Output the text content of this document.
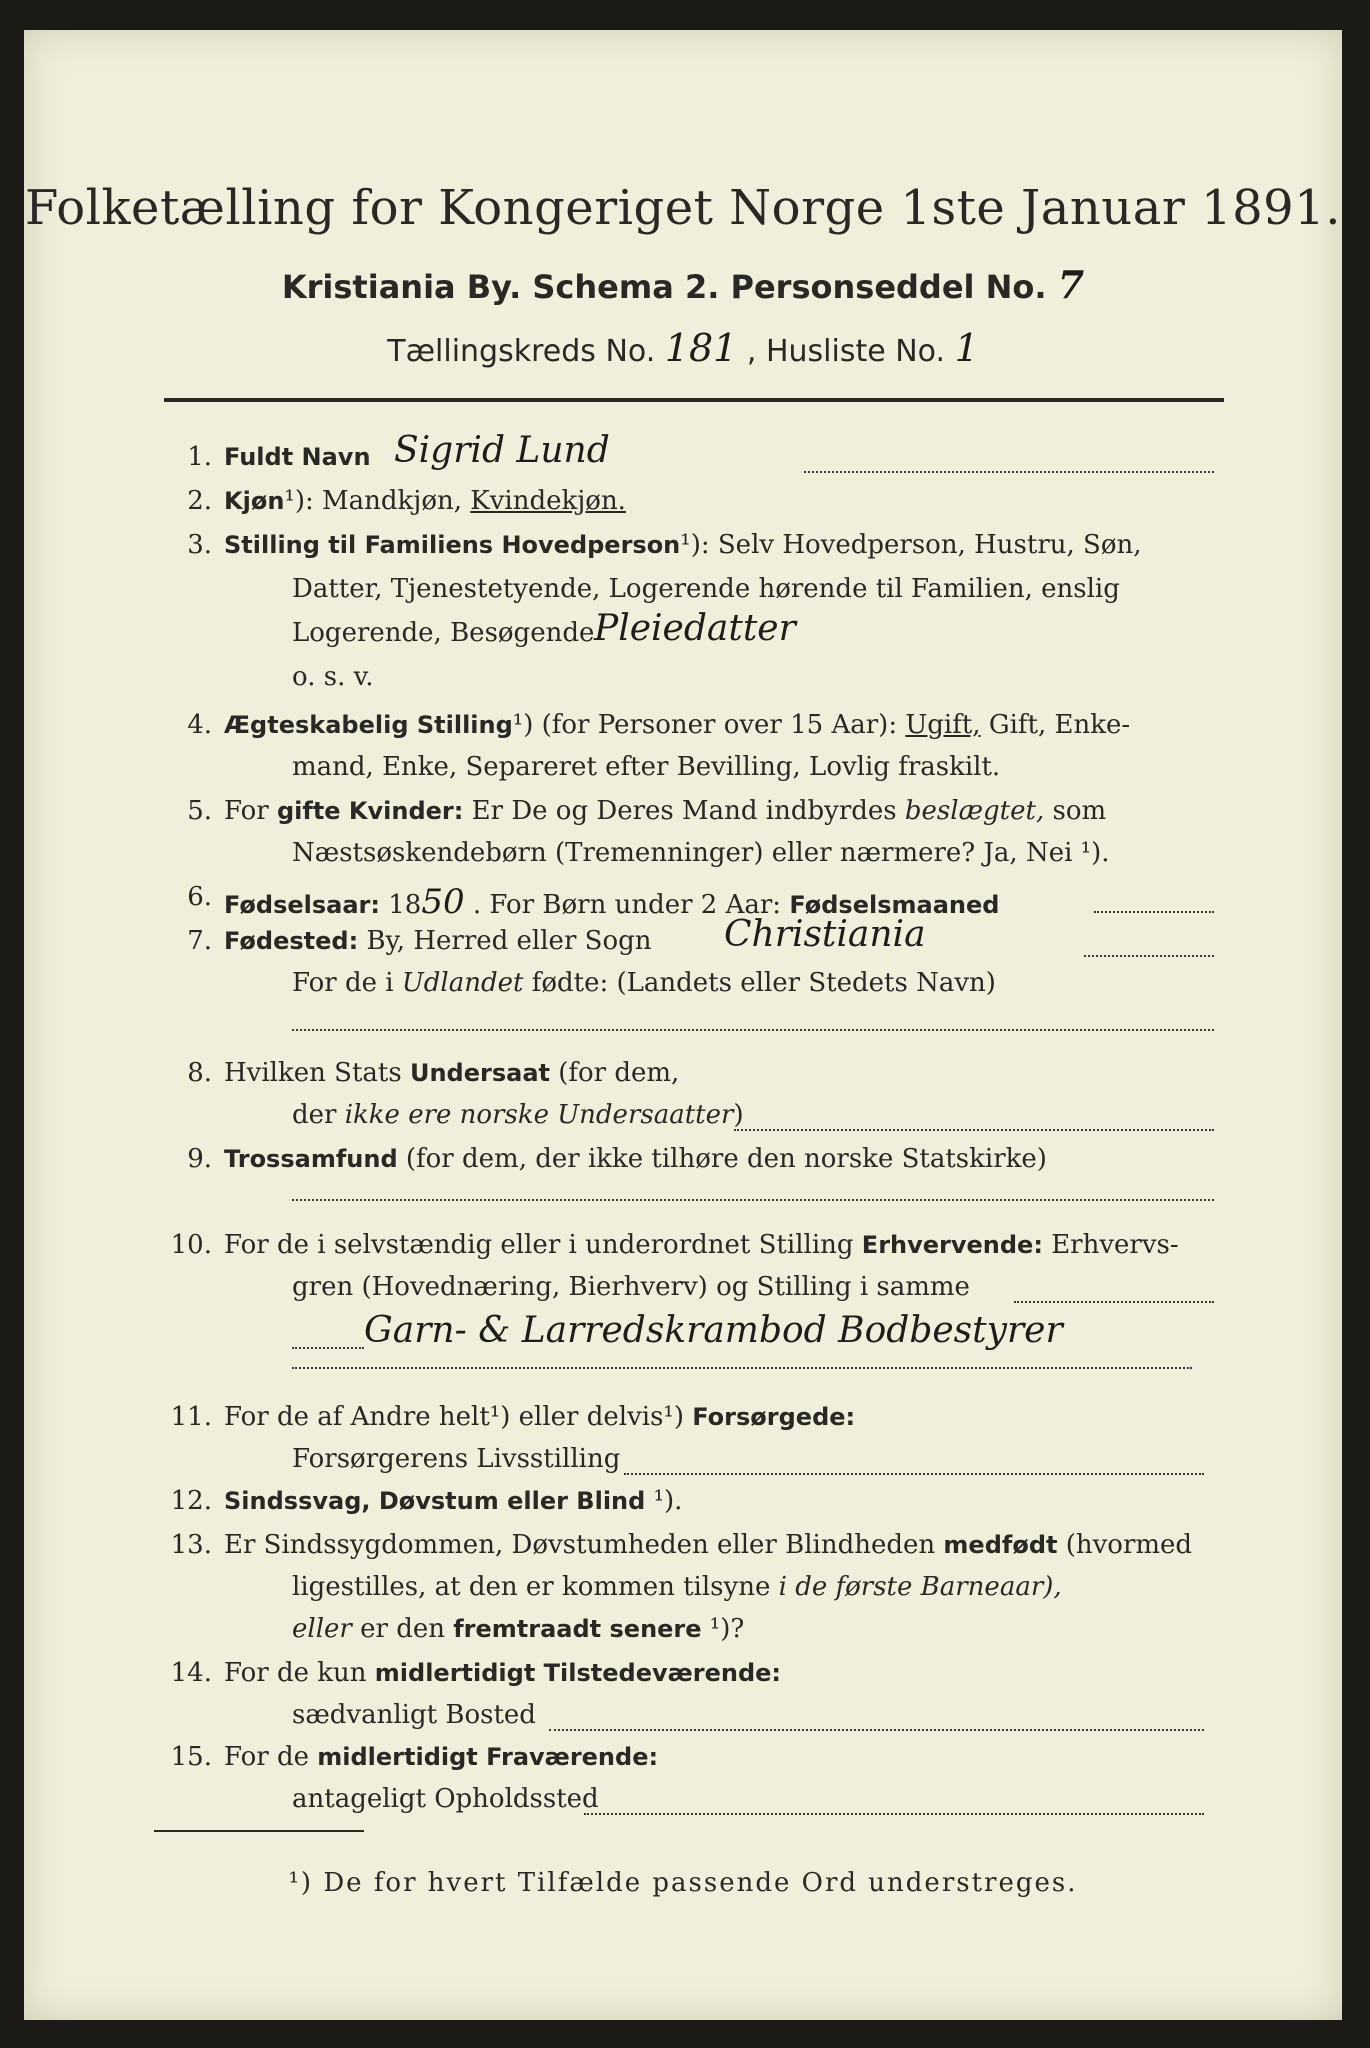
Folketælling for Kongeriget Norge 1ste Januar 1891.
Kristiania By. Schema 2. Personseddel No. 7
Tællingskreds No. 181 , Husliste No. 1
1. Fuldt Navn Sigrid Lund
2. Kjøn¹): Mandkjøn, Kvindekjøn.
3. Stilling til Familiens Hovedperson¹): Selv Hovedperson, Hustru, Søn,
Datter, Tjenestetyende, Logerende hørende til Familien, enslig
Logerende, Besøgende Pleiedatter
o. s. v.
4. Ægteskabelig Stilling¹) (for Personer over 15 Aar): Ugift, Gift, Enke-
mand, Enke, Separeret efter Bevilling, Lovlig fraskilt.
5. For gifte Kvinder: Er De og Deres Mand indbyrdes beslægtet, som
Næstsøskendebørn (Tremenninger) eller nærmere? Ja, Nei ¹).
6. Fødselsaar: 1850 . For Børn under 2 Aar: Fødselsmaaned
7. Fødested: By, Herred eller Sogn Christiania
For de i Udlandet fødte: (Landets eller Stedets Navn)
8. Hvilken Stats Undersaat (for dem,
der ikke ere norske Undersaatter)
9. Trossamfund (for dem, der ikke tilhøre den norske Statskirke)
10. For de i selvstændig eller i underordnet Stilling Erhvervende: Erhvervs-
gren (Hovednæring, Bierhverv) og Stilling i samme
Garn- & Larredskrambod Bodbestyrer
11. For de af Andre helt¹) eller delvis¹) Forsørgede:
Forsørgerens Livsstilling
12. Sindssvag, Døvstum eller Blind ¹).
13. Er Sindssygdommen, Døvstumheden eller Blindheden medfødt (hvormed
ligestilles, at den er kommen tilsyne i de første Barneaar),
eller er den fremtraadt senere ¹)?
14. For de kun midlertidigt Tilstedeværende:
sædvanligt Bosted
15. For de midlertidigt Fraværende:
antageligt Opholdssted
¹) De for hvert Tilfælde passende Ord understreges.
